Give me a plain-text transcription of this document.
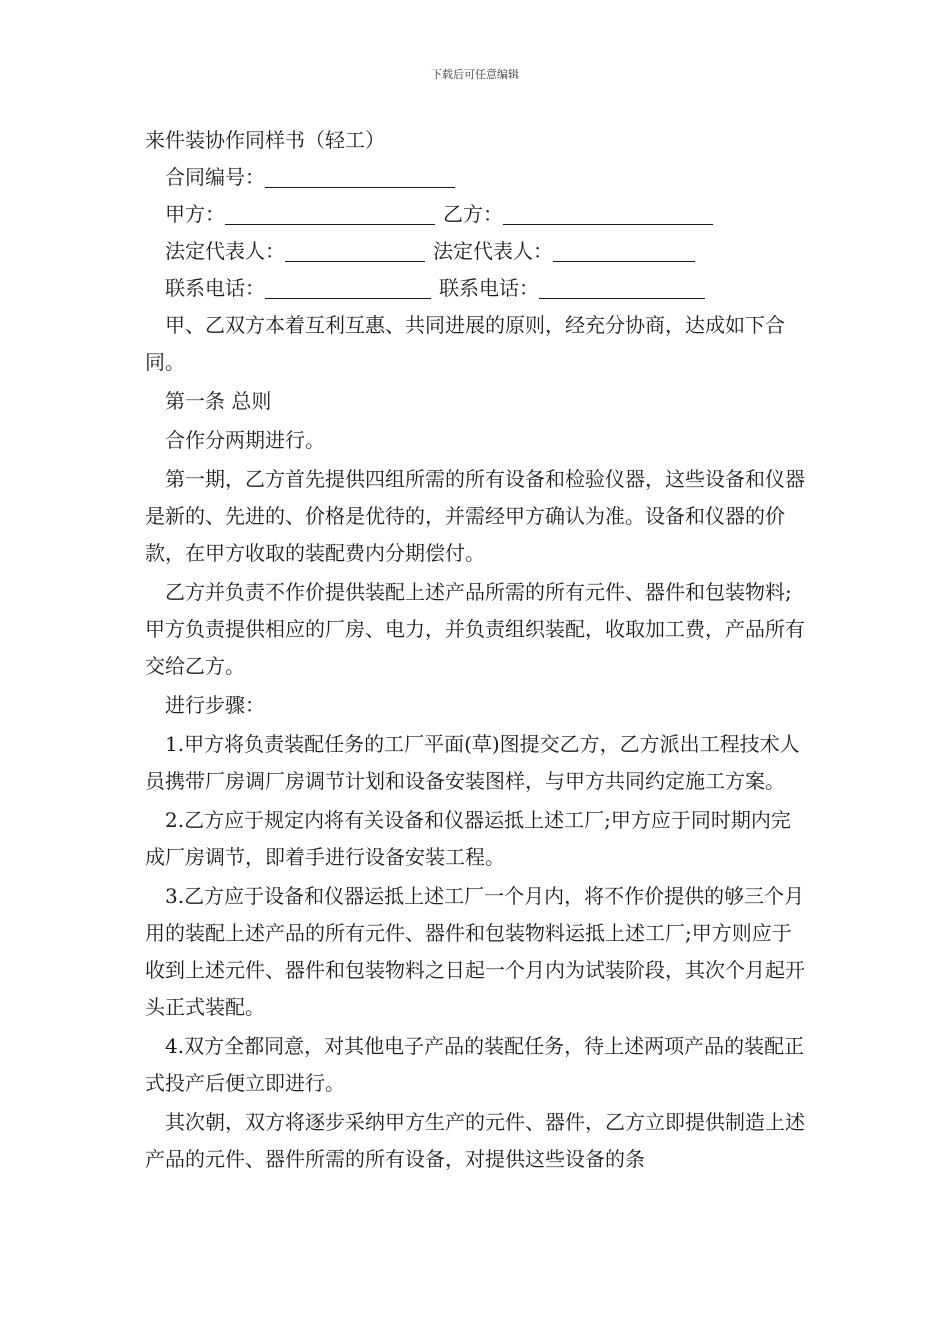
下载后可任意编辑
来件装协作同样书（轻工）
合同编号：
甲方：	乙方：
法定代表人：	法定代表人：
联系电话：	联系电话：
甲、乙双方本着互利互惠、共同进展的原则，经充分协商，达成如下合同。
第一条 总则
合作分两期进行。
第一期，乙方首先提供四组所需的所有设备和检验仪器，这些设备和仪器是新的、先进的、价格是优待的，并需经甲方确认为准。设备和仪器的价款，在甲方收取的装配费内分期偿付。
乙方并负责不作价提供装配上述产品所需的所有元件、器件和包装物料;甲方负责提供相应的厂房、电力，并负责组织装配，收取加工费，产品所有交给乙方。
进行步骤：
1.甲方将负责装配任务的工厂平面(草)图提交乙方，乙方派出工程技术人员携带厂房调厂房调节计划和设备安装图样，与甲方共同约定施工方案。
2.乙方应于规定内将有关设备和仪器运抵上述工厂;甲方应于同时期内完成厂房调节，即着手进行设备安装工程。
3.乙方应于设备和仪器运抵上述工厂一个月内，将不作价提供的够三个月用的装配上述产品的所有元件、器件和包装物料运抵上述工厂;甲方则应于收到上述元件、器件和包装物料之日起一个月内为试装阶段，其次个月起开头正式装配。
4.双方全都同意，对其他电子产品的装配任务，待上述两项产品的装配正式投产后便立即进行。
其次朝，双方将逐步采纳甲方生产的元件、器件，乙方立即提供制造上述产品的元件、器件所需的所有设备，对提供这些设备的条
